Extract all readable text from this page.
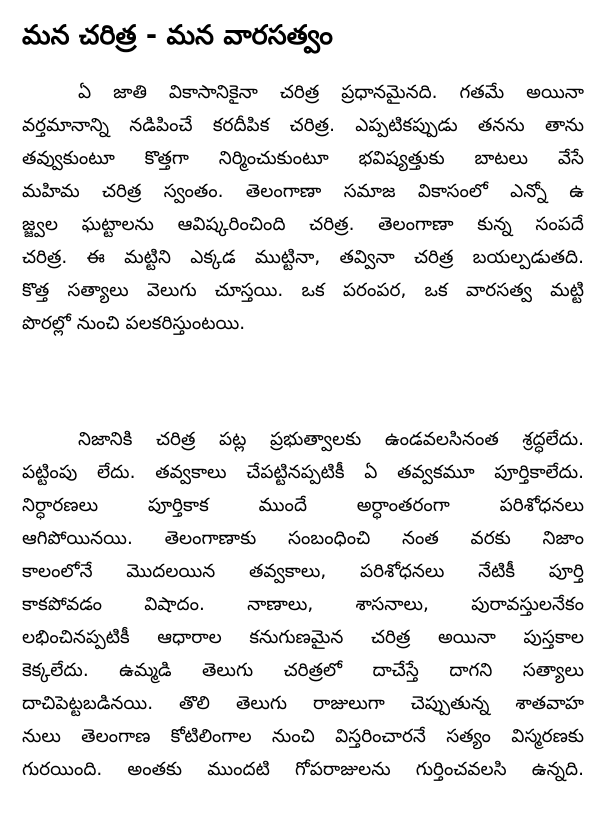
మన చరిత్ర - మన వారసత్వం
ఏ జాతి వికాసానికైనా చరిత్ర ప్రధానమైనది. గతమే అయినా
వర్తమానాన్ని నడిపించే కరదీపిక చరిత్ర. ఎప్పటికప్పుడు తనను తాను
తవ్వుకుంటూ కొత్తగా నిర్మించుకుంటూ భవిష్యత్తుకు బాటలు వేసే
మహిమ చరిత్ర స్వంతం. తెలంగాణా సమాజ వికాసంలో ఎన్నో ఉ
జ్జ్వల ఘట్టాలను ఆవిష్కరించింది చరిత్ర. తెలంగాణా కున్న సంపదే
చరిత్ర. ఈ మట్టిని ఎక్కడ ముట్టినా, తవ్వినా చరిత్ర బయల్పడుతది.
కొత్త సత్యాలు వెలుగు చూస్తయి. ఒక పరంపర, ఒక వారసత్వ మట్టి
పొరల్లో నుంచి పలకరిస్తుంటయి.
నిజానికి చరిత్ర పట్ల ప్రభుత్వాలకు ఉండవలసినంత శ్రద్ధలేదు.
పట్టింపు లేదు. తవ్వకాలు చేపట్టినప్పటికీ ఏ తవ్వకమూ పూర్తికాలేదు.
నిర్ధారణలు పూర్తికాక ముందే అర్ధాంతరంగా పరిశోధనలు
ఆగిపోయినయి. తెలంగాణాకు సంబంధించి నంత వరకు నిజాం
కాలంలోనే మొదలయిన తవ్వకాలు, పరిశోధనలు నేటికీ పూర్తి
కాకపోవడం విషాదం. నాణాలు, శాసనాలు, పురావస్తులనేకం
లభించినప్పటికీ ఆధారాల కనుగుణమైన చరిత్ర అయినా పుస్తకాల
కెక్కలేదు. ఉమ్మడి తెలుగు చరిత్రలో దాచేస్తే దాగని సత్యాలు
దాచిపెట్టబడినయి. తొలి తెలుగు రాజులుగా చెప్పుతున్న శాతవాహ
నులు తెలంగాణ కోటిలింగాల నుంచి విస్తరించారనే సత్యం విస్మరణకు
గురయింది. అంతకు ముందటి గోపరాజులను గుర్తించవలసి ఉన్నది.
